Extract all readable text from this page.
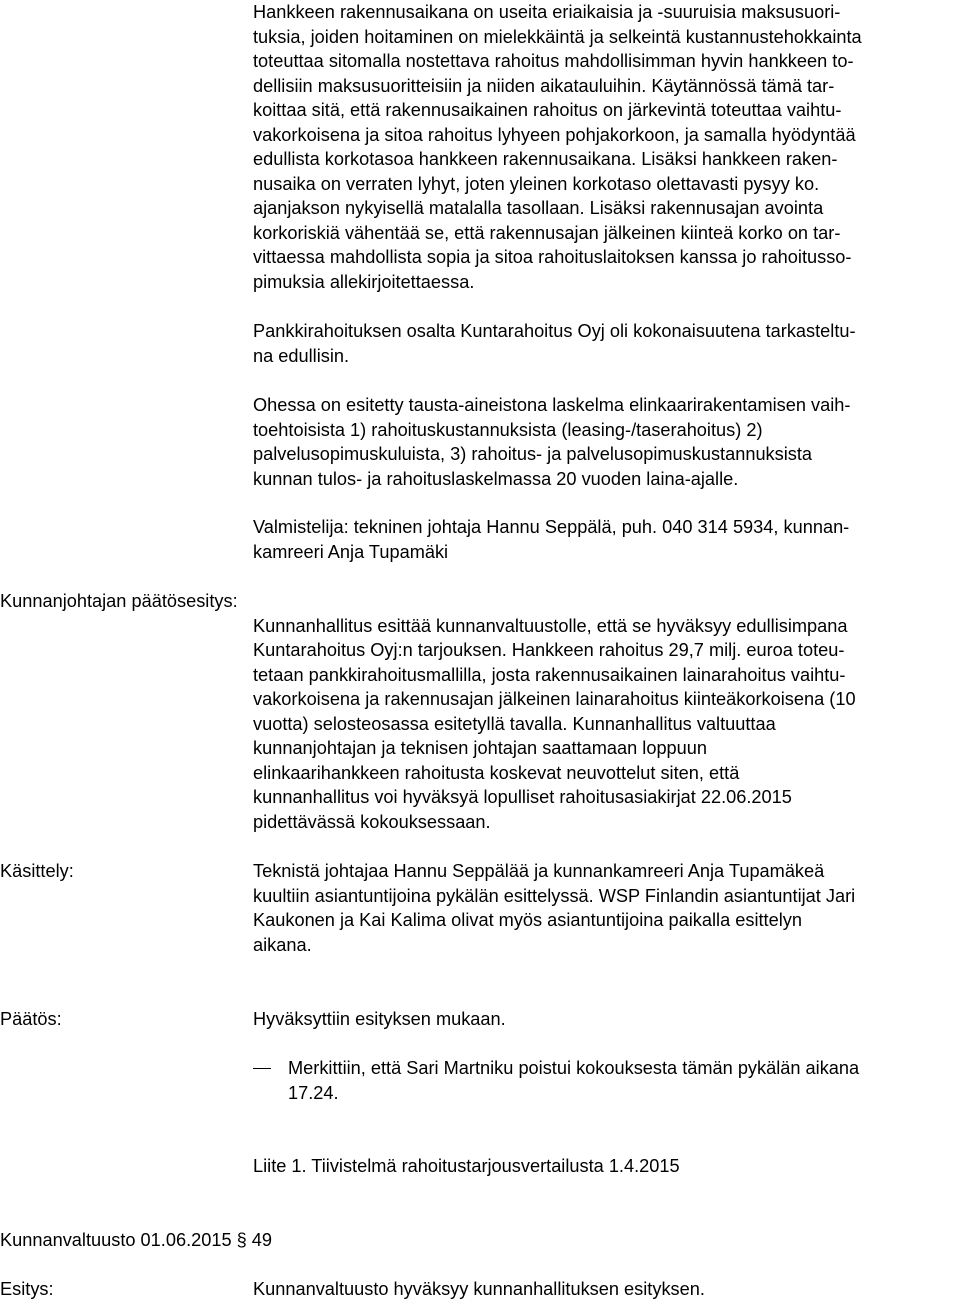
Hankkeen rakennusaikana on useita eriaikaisia ja -suuruisia maksusuori-
tuksia, joiden hoitaminen on mielekkäintä ja selkeintä kustannustehokkainta
toteuttaa sitomalla nostettava rahoitus mahdollisimman hyvin hankkeen to-
dellisiin maksusuoritteisiin ja niiden aikatauluihin. Käytännössä tämä tar-
koittaa sitä, että rakennusaikainen rahoitus on järkevintä toteuttaa vaihtu-
vakorkoisena ja sitoa rahoitus lyhyeen pohjakorkoon, ja samalla hyödyntää
edullista korkotasoa hankkeen rakennusaikana. Lisäksi hankkeen raken-
nusaika on verraten lyhyt, joten yleinen korkotaso olettavasti pysyy ko.
ajanjakson nykyisellä matalalla tasollaan. Lisäksi rakennusajan avointa
korkoriskiä vähentää se, että rakennusajan jälkeinen kiinteä korko on tar-
vittaessa mahdollista sopia ja sitoa rahoituslaitoksen kanssa jo rahoitusso-
pimuksia allekirjoitettaessa.
Pankkirahoituksen osalta Kuntarahoitus Oyj oli kokonaisuutena tarkasteltu-
na edullisin.
Ohessa on esitetty tausta-aineistona laskelma elinkaarirakentamisen vaih-
toehtoisista 1) rahoituskustannuksista (leasing-/taserahoitus) 2)
palvelusopimuskuluista, 3) rahoitus- ja palvelusopimuskustannuksista
kunnan tulos- ja rahoituslaskelmassa 20 vuoden laina-ajalle.
Valmistelija: tekninen johtaja Hannu Seppälä, puh. 040 314 5934, kunnan-
kamreeri Anja Tupamäki
Kunnanjohtajan päätösesitys:
Kunnanhallitus esittää kunnanvaltuustolle, että se hyväksyy edullisimpana
Kuntarahoitus Oyj:n tarjouksen. Hankkeen rahoitus 29,7 milj. euroa toteu-
tetaan pankkirahoitusmallilla, josta rakennusaikainen lainarahoitus vaihtu-
vakorkoisena ja rakennusajan jälkeinen lainarahoitus kiinteäkorkoisena (10
vuotta) selosteosassa esitetyllä tavalla. Kunnanhallitus valtuuttaa
kunnanjohtajan ja teknisen johtajan saattamaan loppuun
elinkaarihankkeen rahoitusta koskevat neuvottelut siten, että
kunnanhallitus voi hyväksyä lopulliset rahoitusasiakirjat 22.06.2015
pidettävässä kokouksessaan.
Käsittely:	Teknistä johtajaa Hannu Seppälää ja kunnankamreeri Anja Tupamäkeä
kuultiin asiantuntijoina pykälän esittelyssä. WSP Finlandin asiantuntijat Jari
Kaukonen ja Kai Kalima olivat myös asiantuntijoina paikalla esittelyn
aikana.
Päätös:	Hyväksyttiin esityksen mukaan.
Merkittiin, että Sari Martniku poistui kokouksesta tämän pykälän aikana
17.24.
Liite 1. Tiivistelmä rahoitustarjousvertailusta 1.4.2015
Kunnanvaltuusto 01.06.2015 § 49
Esitys:	Kunnanvaltuusto hyväksyy kunnanhallituksen esityksen.
